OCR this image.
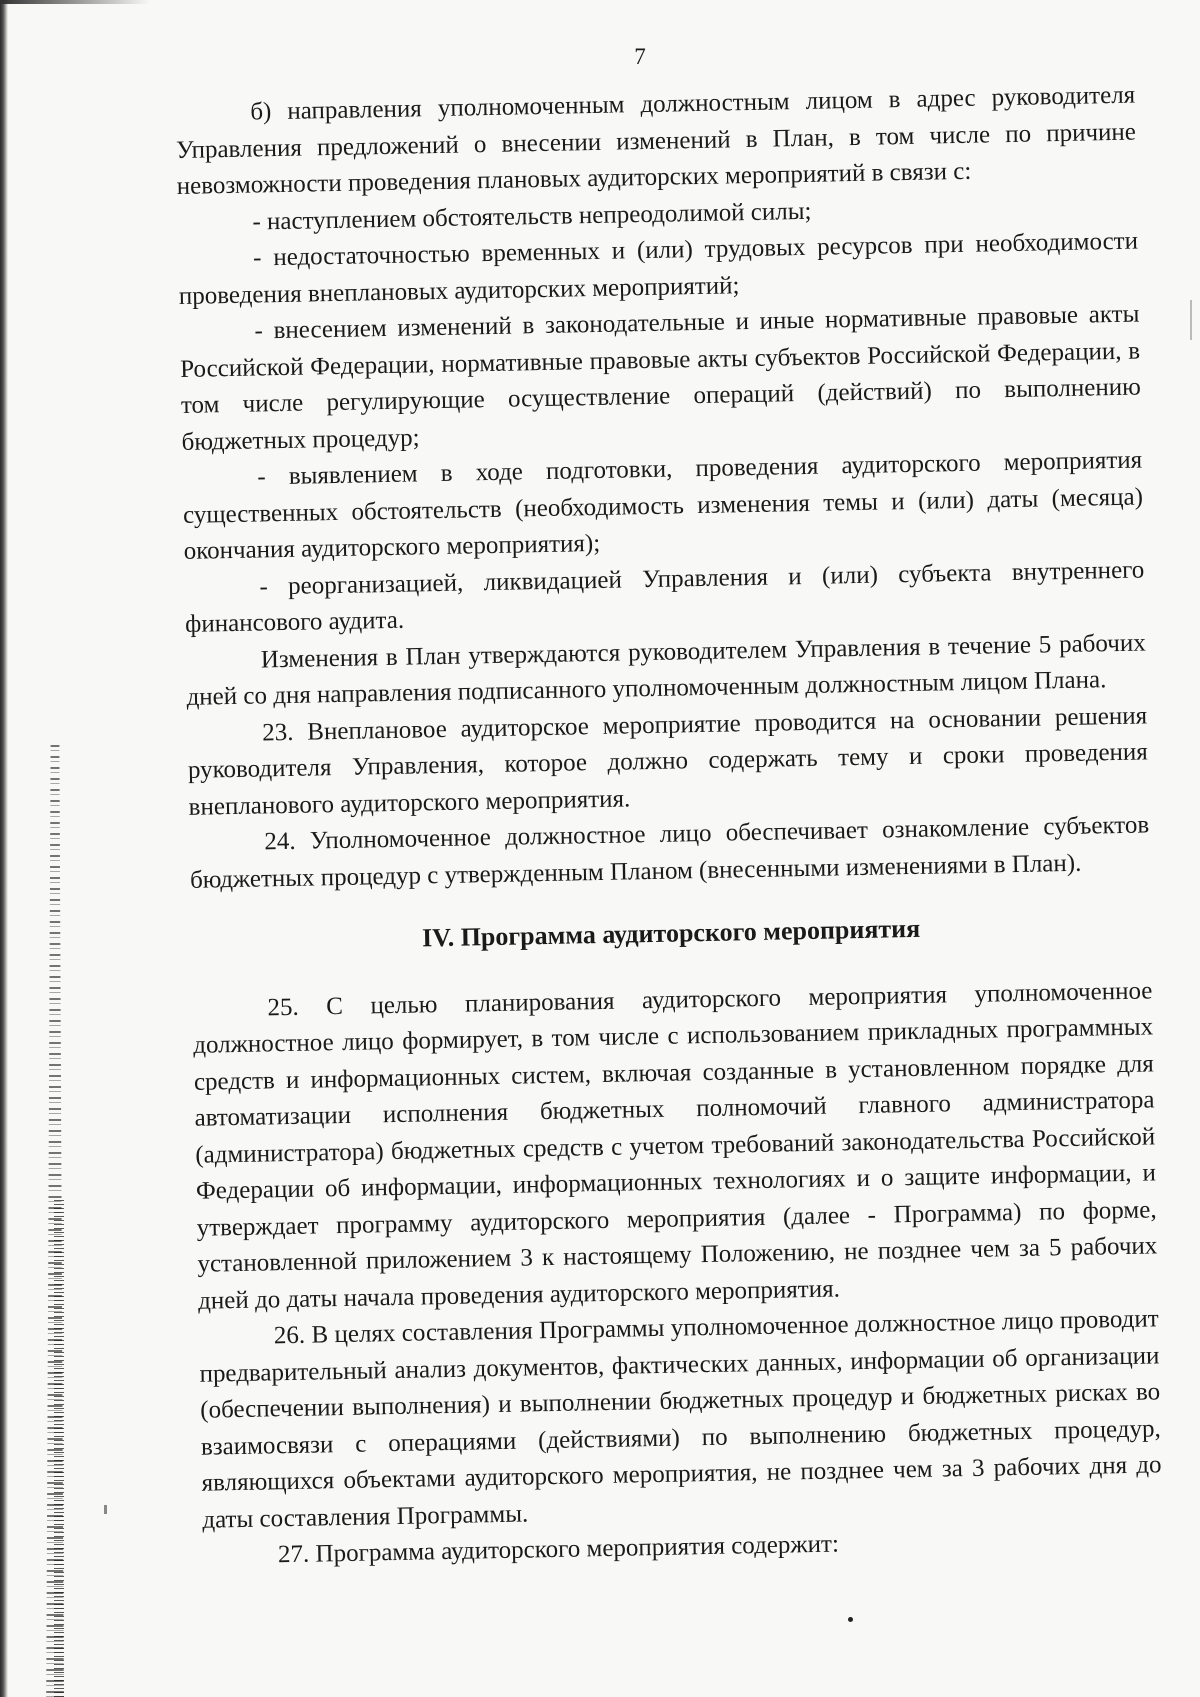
7

б) направления уполномоченным должностным лицом в адрес руководителя Управления предложений о внесении изменений в План, в том числе по причине невозможности проведения плановых аудиторских мероприятий в связи с:

- наступлением обстоятельств непреодолимой силы;

- недостаточностью временных и (или) трудовых ресурсов при необходимости проведения внеплановых аудиторских мероприятий;

- внесением изменений в законодательные и иные нормативные правовые акты Российской Федерации, нормативные правовые акты субъектов Российской Федерации, в том числе регулирующие осуществление операций (действий) по выполнению бюджетных процедур;

- выявлением в ходе подготовки, проведения аудиторского мероприятия существенных обстоятельств (необходимость изменения темы и (или) даты (месяца) окончания аудиторского мероприятия);

- реорганизацией, ликвидацией Управления и (или) субъекта внутреннего финансового аудита.

Изменения в План утверждаются руководителем Управления в течение 5 рабочих дней со дня направления подписанного уполномоченным должностным лицом Плана.

23. Внеплановое аудиторское мероприятие проводится на основании решения руководителя Управления, которое должно содержать тему и сроки проведения внепланового аудиторского мероприятия.

24. Уполномоченное должностное лицо обеспечивает ознакомление субъектов бюджетных процедур с утвержденным Планом (внесенными изменениями в План).

IV. Программа аудиторского мероприятия

25. С целью планирования аудиторского мероприятия уполномоченное должностное лицо формирует, в том числе с использованием прикладных программных средств и информационных систем, включая созданные в установленном порядке для автоматизации исполнения бюджетных полномочий главного администратора (администратора) бюджетных средств с учетом требований законодательства Российской Федерации об информации, информационных технологиях и о защите информации, и утверждает программу аудиторского мероприятия (далее - Программа) по форме, установленной приложением 3 к настоящему Положению, не позднее чем за 5 рабочих дней до даты начала проведения аудиторского мероприятия.

26. В целях составления Программы уполномоченное должностное лицо проводит предварительный анализ документов, фактических данных, информации об организации (обеспечении выполнения) и выполнении бюджетных процедур и бюджетных рисках во взаимосвязи с операциями (действиями) по выполнению бюджетных процедур, являющихся объектами аудиторского мероприятия, не позднее чем за 3 рабочих дня до даты составления Программы.

27. Программа аудиторского мероприятия содержит:
